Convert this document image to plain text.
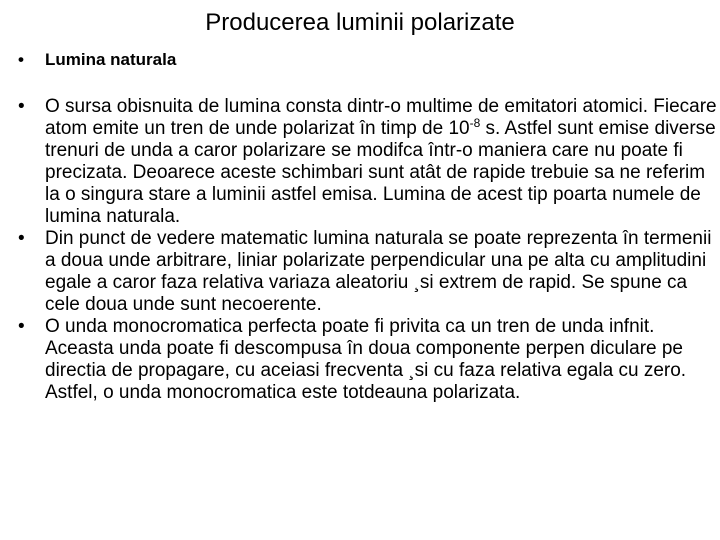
Producerea luminii polarizate
• Lumina naturala
•	O sursa obisnuita de lumina consta dintr-o multime de emitatori atomici. Fiecare atom emite un tren de unde polarizat în timp de $10^{-8}$ s. Astfel sunt emise diverse trenuri de unda a caror polarizare se modifca într-o maniera care nu poate fi precizata. Deoarece aceste schimbari sunt atât de rapide trebuie sa ne referim la o singura stare a luminii astfel emisa. Lumina de acest tip poarta numele de lumina naturala.
•	Din punct de vedere matematic lumina naturala se poate reprezenta în termenii a doua unde arbitrare, liniar polarizate perpendicular una pe alta cu amplitudini egale a caror faza relativa variaza aleatoriu ¸si extrem de rapid. Se spune ca cele doua unde sunt necoerente.
•	O unda monocromatica perfecta poate fi privita ca un tren de unda infnit. Aceasta unda poate fi descompusa în doua componente perpen diculare pe directia de propagare, cu aceiasi frecventa ¸si cu faza relativa egala cu zero. Astfel, o unda monocromatica este totdeauna polarizata.
